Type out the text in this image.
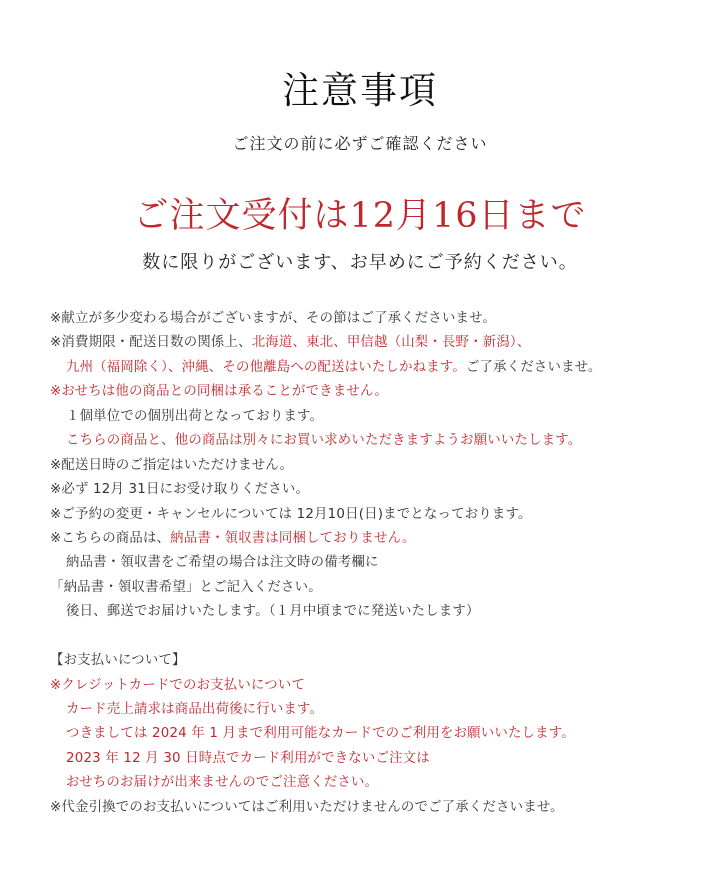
注意事項
ご注文の前に必ずご確認ください
ご注文受付は12月16日まで
数に限りがございます、お早めにご予約ください。
※献立が多少変わる場合がございますが、その節はご了承くださいませ。
※消費期限・配送日数の関係上、北海道、東北、甲信越（山梨・長野・新潟）、
九州（福岡除く）、沖縄、その他離島への配送はいたしかねます。ご了承くださいませ。
※おせちは他の商品との同梱は承ることができません。
１個単位での個別出荷となっております。
こちらの商品と、他の商品は別々にお買い求めいただきますようお願いいたします。
※配送日時のご指定はいただけません。
※必ず 12月 31日にお受け取りください。
※ご予約の変更・キャンセルについては 12月10日(日)までとなっております。
※こちらの商品は、納品書・領収書は同梱しておりません。
納品書・領収書をご希望の場合は注文時の備考欄に
「納品書・領収書希望」とご記入ください。
後日、郵送でお届けいたします。（１月中頃までに発送いたします）
【お支払いについて】
※クレジットカードでのお支払いについて
カード売上請求は商品出荷後に行います。
つきましては 2024 年 1 月まで利用可能なカードでのご利用をお願いいたします。
2023 年 12 月 30 日時点でカード利用ができないご注文は
おせちのお届けが出来ませんのでご注意ください。
※代金引換でのお支払いについてはご利用いただけませんのでご了承くださいませ。
